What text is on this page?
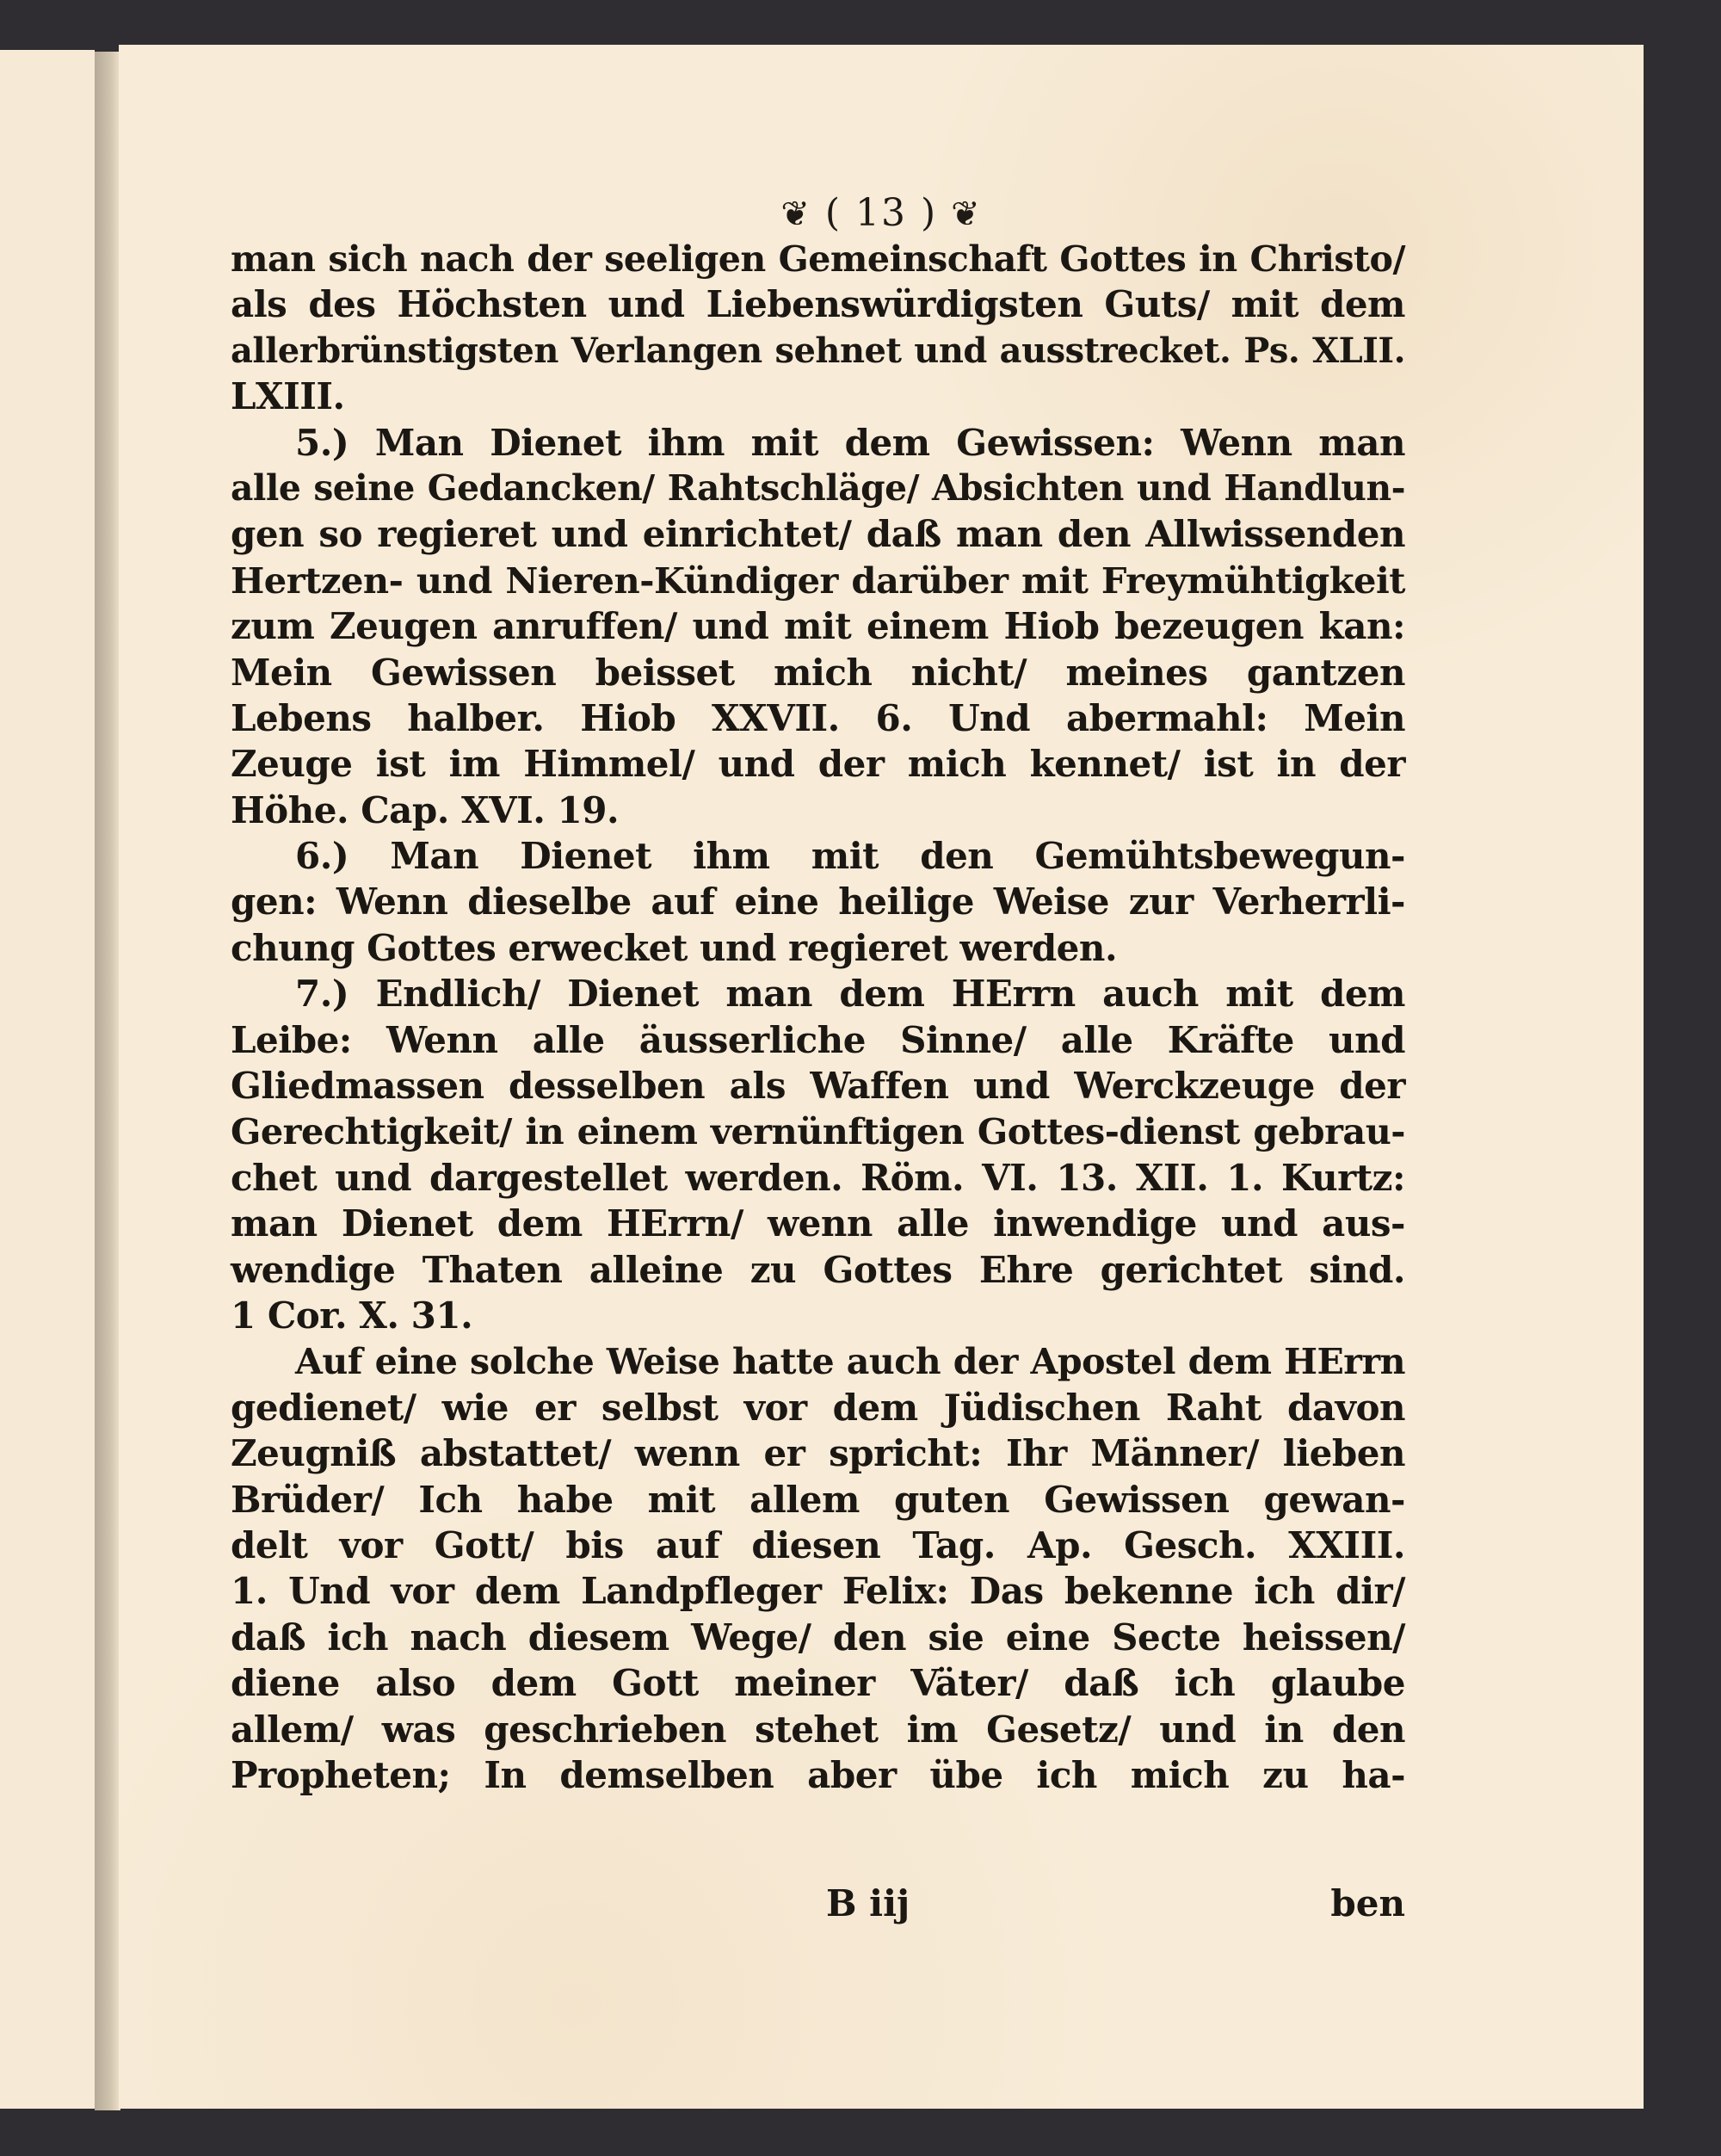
❦ ( 13 ) ❦
man sich nach der seeligen Gemeinschaft Gottes in Christo/
als des Höchsten und Liebenswürdigsten Guts/ mit dem
allerbrünstigsten Verlangen sehnet und ausstrecket. Ps. XLII.
LXIII.
5.) Man Dienet ihm mit dem Gewissen: Wenn man
alle seine Gedancken/ Rahtschläge/ Absichten und Handlun-
gen so regieret und einrichtet/ daß man den Allwissenden
Hertzen- und Nieren-Kündiger darüber mit Freymühtigkeit
zum Zeugen anruffen/ und mit einem Hiob bezeugen kan:
Mein Gewissen beisset mich nicht/ meines gantzen
Lebens halber. Hiob XXVII. 6. Und abermahl: Mein
Zeuge ist im Himmel/ und der mich kennet/ ist in der
Höhe. Cap. XVI. 19.
6.) Man Dienet ihm mit den Gemühtsbewegun-
gen: Wenn dieselbe auf eine heilige Weise zur Verherrli-
chung Gottes erwecket und regieret werden.
7.) Endlich/ Dienet man dem HErrn auch mit dem
Leibe: Wenn alle äusserliche Sinne/ alle Kräfte und
Gliedmassen desselben als Waffen und Werckzeuge der
Gerechtigkeit/ in einem vernünftigen Gottes-dienst gebrau-
chet und dargestellet werden. Röm. VI. 13. XII. 1. Kurtz:
man Dienet dem HErrn/ wenn alle inwendige und aus-
wendige Thaten alleine zu Gottes Ehre gerichtet sind.
1 Cor. X. 31.
Auf eine solche Weise hatte auch der Apostel dem HErrn
gedienet/ wie er selbst vor dem Jüdischen Raht davon
Zeugniß abstattet/ wenn er spricht: Ihr Männer/ lieben
Brüder/ Ich habe mit allem guten Gewissen gewan-
delt vor Gott/ bis auf diesen Tag. Ap. Gesch. XXIII.
1. Und vor dem Landpfleger Felix: Das bekenne ich dir/
daß ich nach diesem Wege/ den sie eine Secte heissen/
diene also dem Gott meiner Väter/ daß ich glaube
allem/ was geschrieben stehet im Gesetz/ und in den
Propheten; In demselben aber übe ich mich zu ha-
B iij	ben
